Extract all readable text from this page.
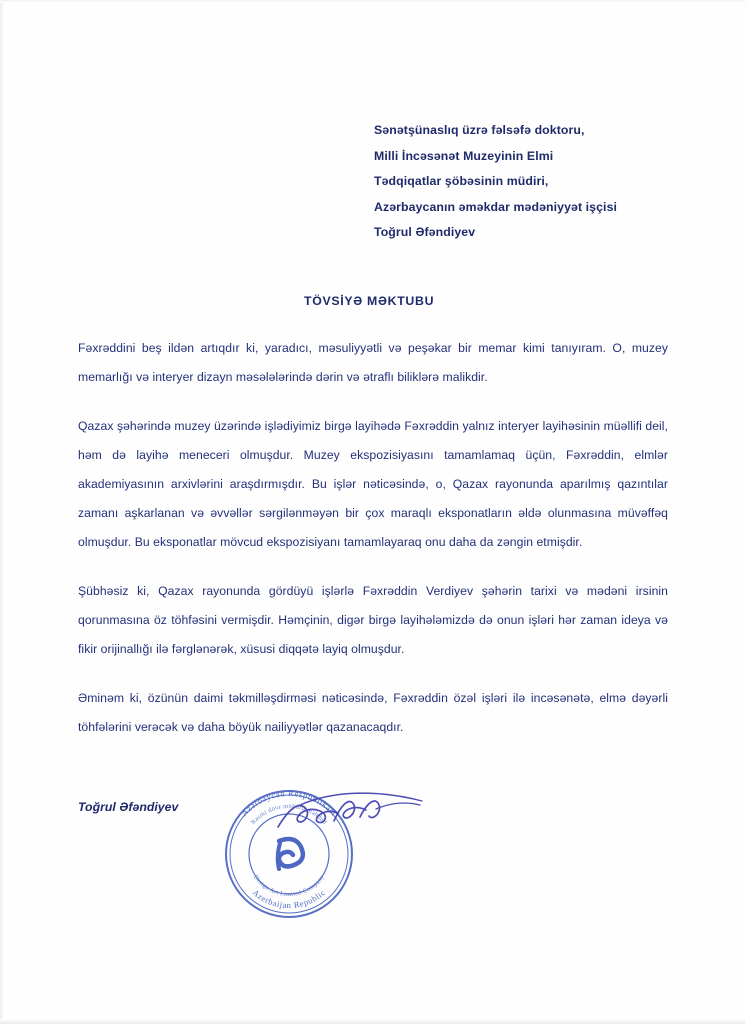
Sənətşünaslıq üzrə fəlsəfə doktoru,
Milli İncəsənət Muzeyinin Elmi
Tədqiqatlar şöbəsinin müdiri,
Azərbaycanın əməkdar mədəniyyət işçisi
Toğrul Əfəndiyev
TÖVSİYƏ MƏKTUBU

Fəxrəddini beş ildən artıqdır ki, yaradıcı, məsuliyyətli və peşəkar bir memar kimi tanıyıram. O, muzey memarlığı və interyer dizayn məsələlərində dərin və ətraflı biliklərə malikdir.

Qazax şəhərində muzey üzərində işlədiyimiz birgə layihədə Fəxrəddin yalnız interyer layihəsinin müəllifi deil, həm də layihə meneceri olmuşdur. Muzey ekspozisiyasını tamamlamaq üçün, Fəxrəddin, elmlər akademiyasının arxivlərini araşdırmışdır. Bu işlər nəticəsində, o, Qazax rayonunda aparılmış qazıntılar zamanı aşkarlanan və əvvəllər sərgilənməyən bir çox maraqlı eksponatların əldə olunmasına müvəffəq olmuşdur. Bu eksponatlar mövcud ekspozisiyanı tamamlayaraq onu daha da zəngin etmişdir.

Şübhəsiz ki, Qazax rayonunda gördüyü işlərlə Fəxrəddin Verdiyev şəhərin tarixi və mədəni irsinin qorunmasına öz töhfəsini vermişdir. Həmçinin, digər birgə layihələmizdə də onun işləri hər zaman ideya və fikir orijinallığı ilə fərglənərək, xüsusi diqqətə layiq olmuşdur.

Əminəm ki, özünün daimi təkmilləşdirməsi nəticəsində, Fəxrəddin özəl işləri ilə incəsənətə, elmə dəyərli töhfələrini verəcək və daha böyük nailiyyətlər qazanacaqdır.

Toğrul Əfəndiyev	Azərbaycan Respublikası
Azerbaijan Republic
Rəsmi dövr möhürü məhdud
Design Art Limited Company
